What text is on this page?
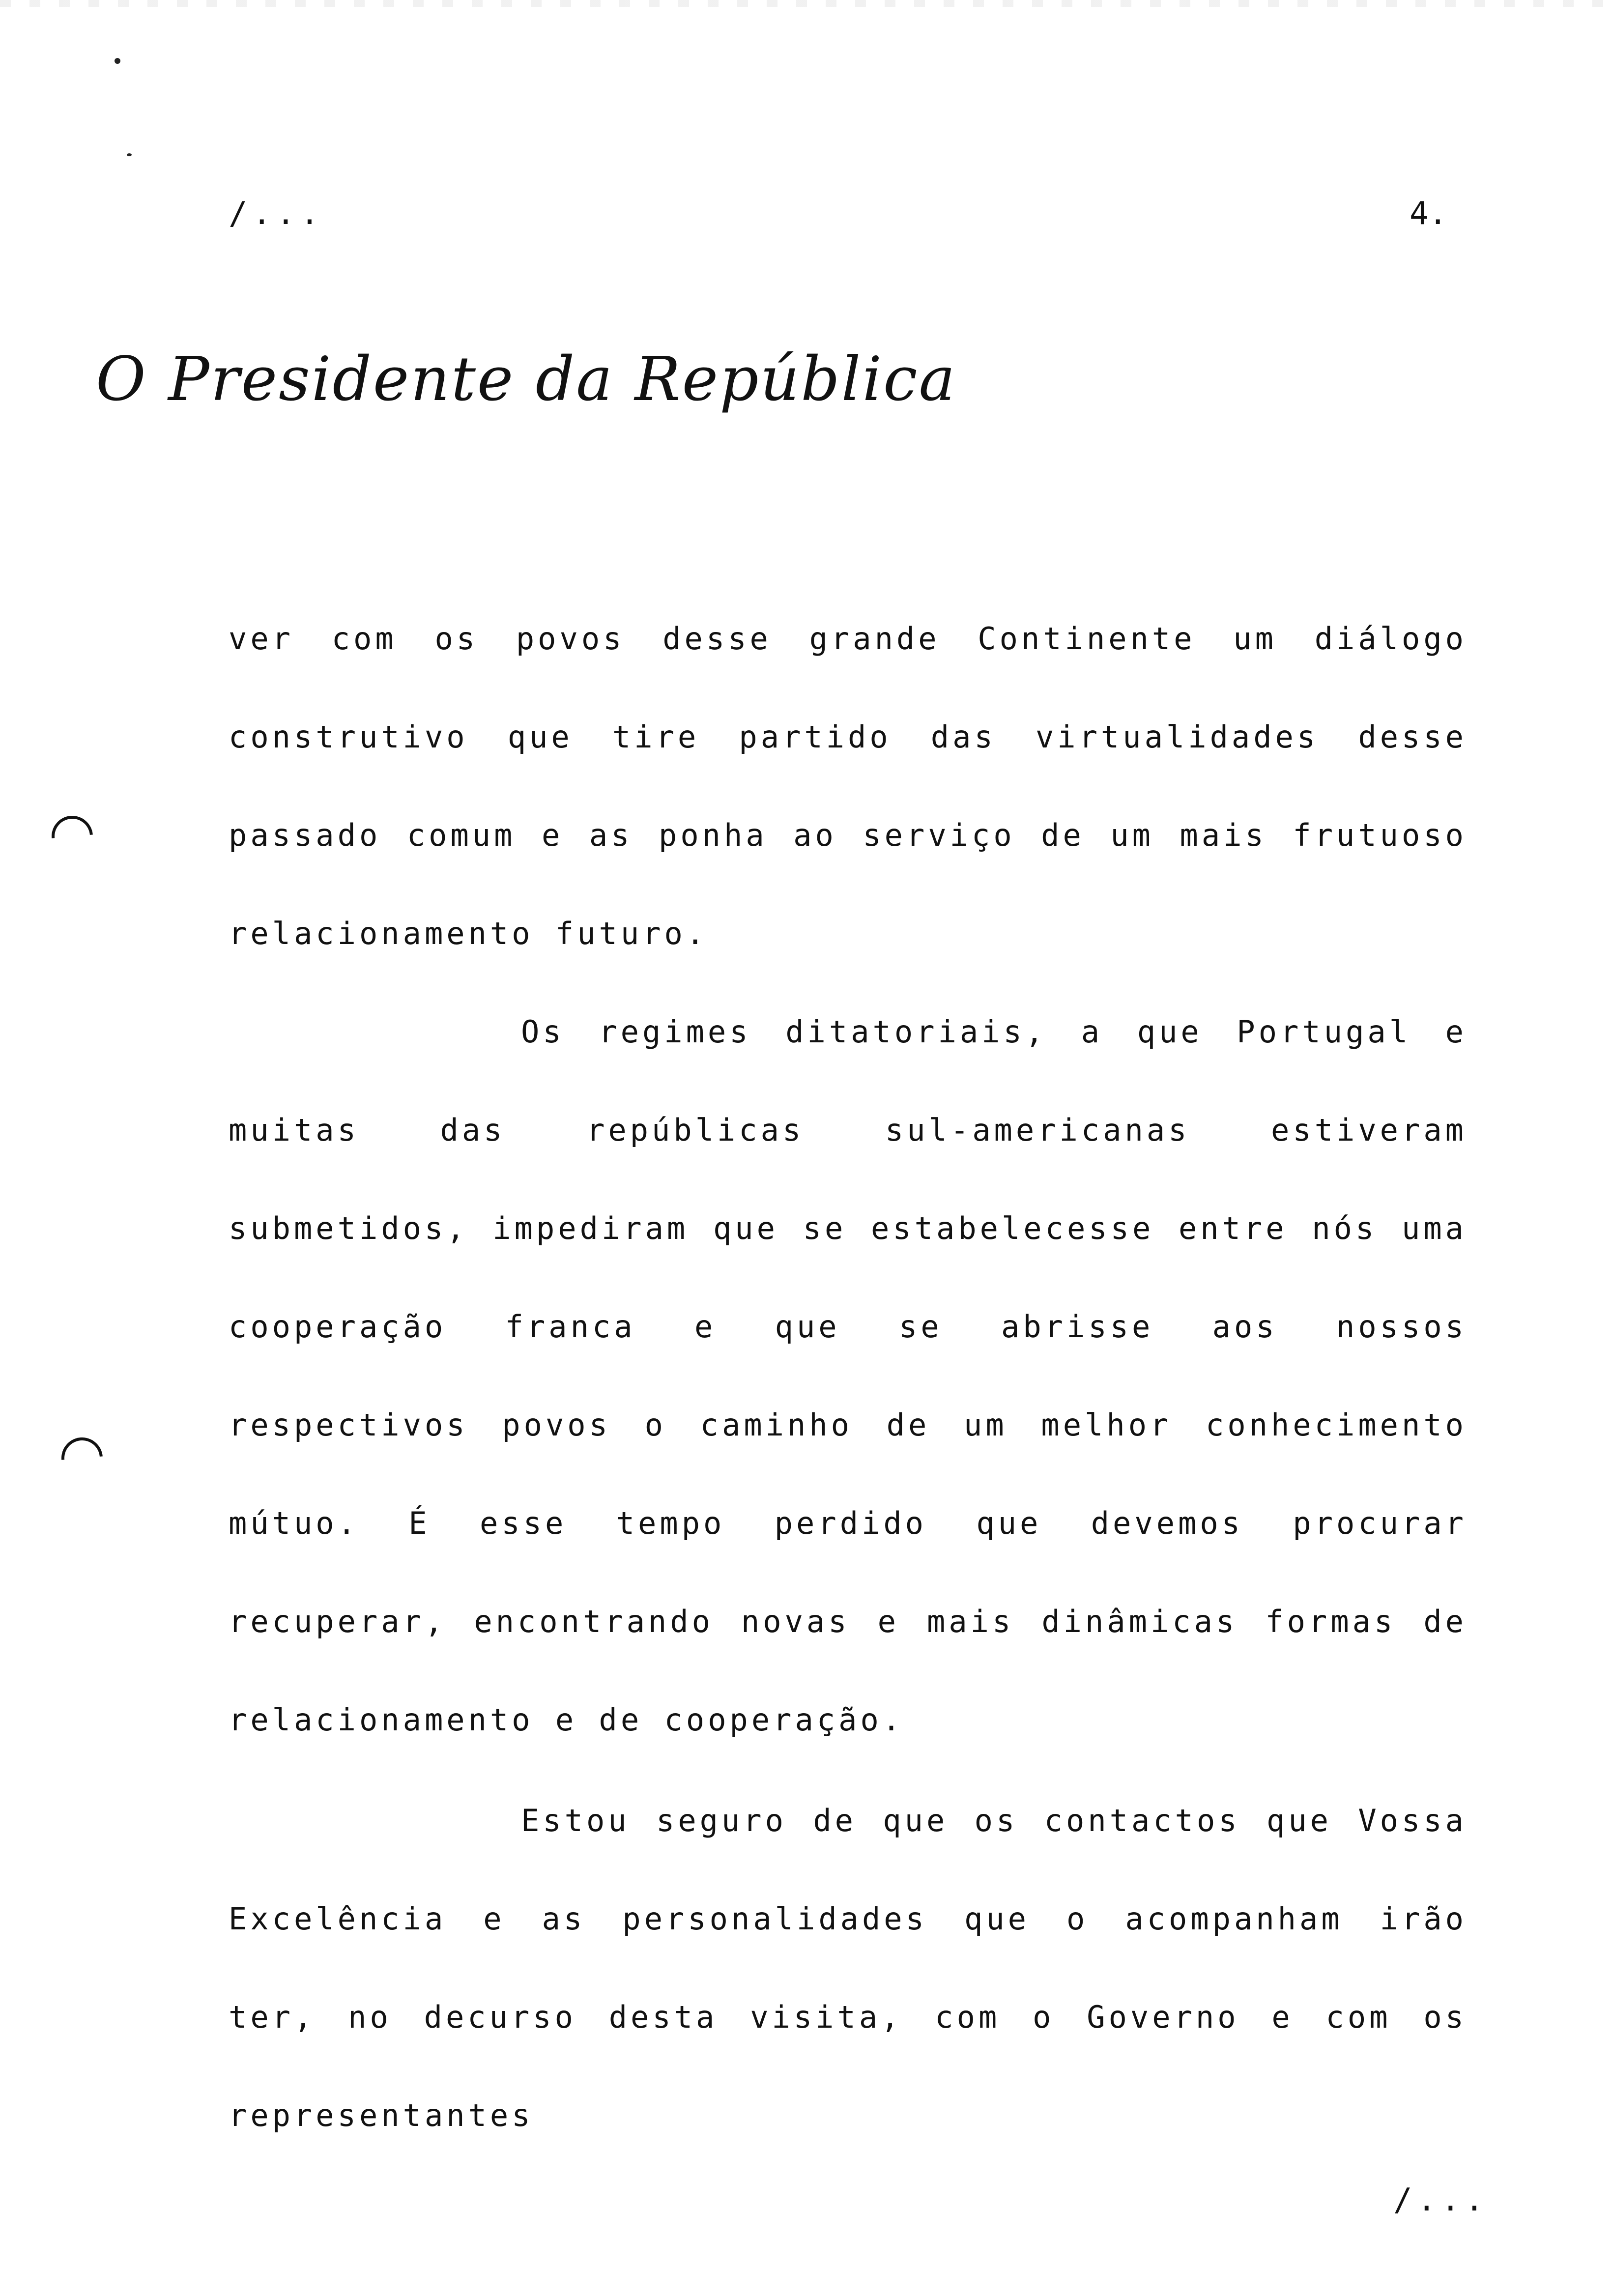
/...	4.
O Presidente da República
ver com os povos desse grande Continente um diálogo construtivo que tire partido das virtualidades desse passado comum e as ponha ao serviço de um mais frutuoso relacionamento futuro.
Os regimes ditatoriais, a que Portugal e muitas das repúblicas sul-americanas estiveram submetidos, impediram que se estabelecesse entre nós uma cooperação franca e que se abrisse aos nossos respectivos povos o caminho de um melhor conhecimento mútuo. É esse tempo perdido que devemos procurar recuperar, encontrando novas e mais dinâmicas formas de relacionamento e de cooperação.
Estou seguro de que os contactos que Vossa Excelência e as personalidades que o acompanham irão ter, no decurso desta visita, com o Governo e com os representantes
/...
